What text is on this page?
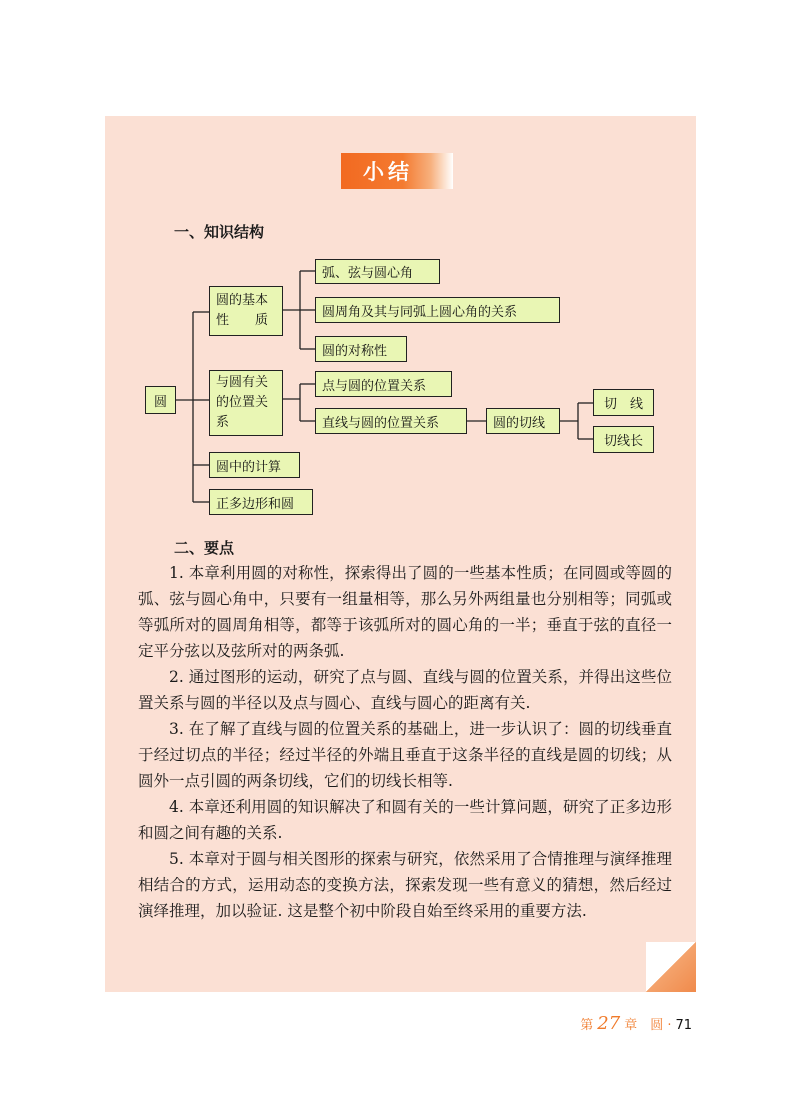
小结
一、知识结构
圆
圆的基本
性　　质
弧、弦与圆心角
圆周角及其与同弧上圆心角的关系
圆的对称性
与圆有关
的位置关
系
点与圆的位置关系
直线与圆的位置关系	圆的切线
切　线
切线长
圆中的计算
正多边形和圆
二、要点

1. 本章利用圆的对称性，探索得出了圆的一些基本性质；在同圆或等圆的弧、弦与圆心角中，只要有一组量相等，那么另外两组量也分别相等；同弧或等弧所对的圆周角相等，都等于该弧所对的圆心角的一半；垂直于弦的直径一定平分弦以及弦所对的两条弧.

2. 通过图形的运动，研究了点与圆、直线与圆的位置关系，并得出这些位置关系与圆的半径以及点与圆心、直线与圆心的距离有关.

3. 在了解了直线与圆的位置关系的基础上，进一步认识了：圆的切线垂直于经过切点的半径；经过半径的外端且垂直于这条半径的直线是圆的切线；从圆外一点引圆的两条切线，它们的切线长相等.

4. 本章还利用圆的知识解决了和圆有关的一些计算问题，研究了正多边形和圆之间有趣的关系.

5. 本章对于圆与相关图形的探索与研究，依然采用了合情推理与演绎推理相结合的方式，运用动态的变换方法，探索发现一些有意义的猜想，然后经过演绎推理，加以验证. 这是整个初中阶段自始至终采用的重要方法.

第 27 章　圆 · 71
